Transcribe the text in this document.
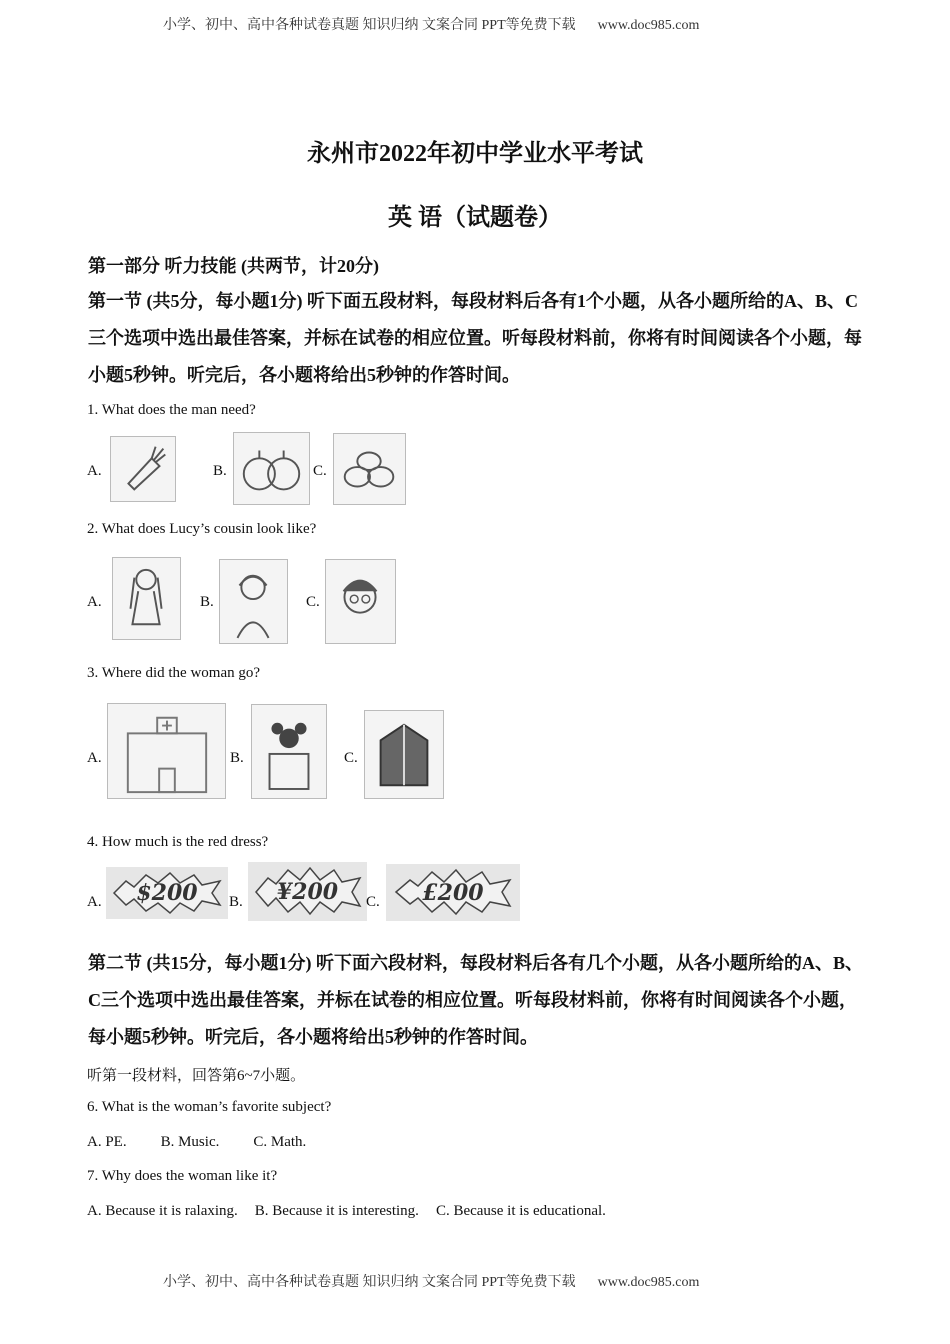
小学、初中、高中各种试卷真题 知识归纳 文案合同 PPT等免费下载 www.doc985.com
永州市2022年初中学业水平考试
英 语（试题卷）
第一部分 听力技能 (共两节，计20分)
第一节 (共5分，每小题1分) 听下面五段材料，每段材料后各有1个小题，从各小题所给的A、B、C三个选项中选出最佳答案，并标在试卷的相应位置。听每段材料前，你将有时间阅读各个小题，每小题5秒钟。听完后，各小题将给出5秒钟的作答时间。
1. What does the man need?
A.	B.	C.
2. What does Lucy’s cousin look like?
A.	B.	C.
3. Where did the woman go?
A.	B.	C.
4. How much is the red dress?
A. $200 B. ¥200 C. £200
第二节 (共15分，每小题1分) 听下面六段材料，每段材料后各有几个小题，从各小题所给的A、B、C三个选项中选出最佳答案，并标在试卷的相应位置。听每段材料前，你将有时间阅读各个小题，每小题5秒钟。听完后，各小题将给出5秒钟的作答时间。
听第一段材料，回答第6~7小题。
6. What is the woman’s favorite subject?
A. PE. B. Music. C. Math.
7. Why does the woman like it?
A. Because it is ralaxing. B. Because it is interesting. C. Because it is educational.
小学、初中、高中各种试卷真题 知识归纳 文案合同 PPT等免费下载 www.doc985.com
